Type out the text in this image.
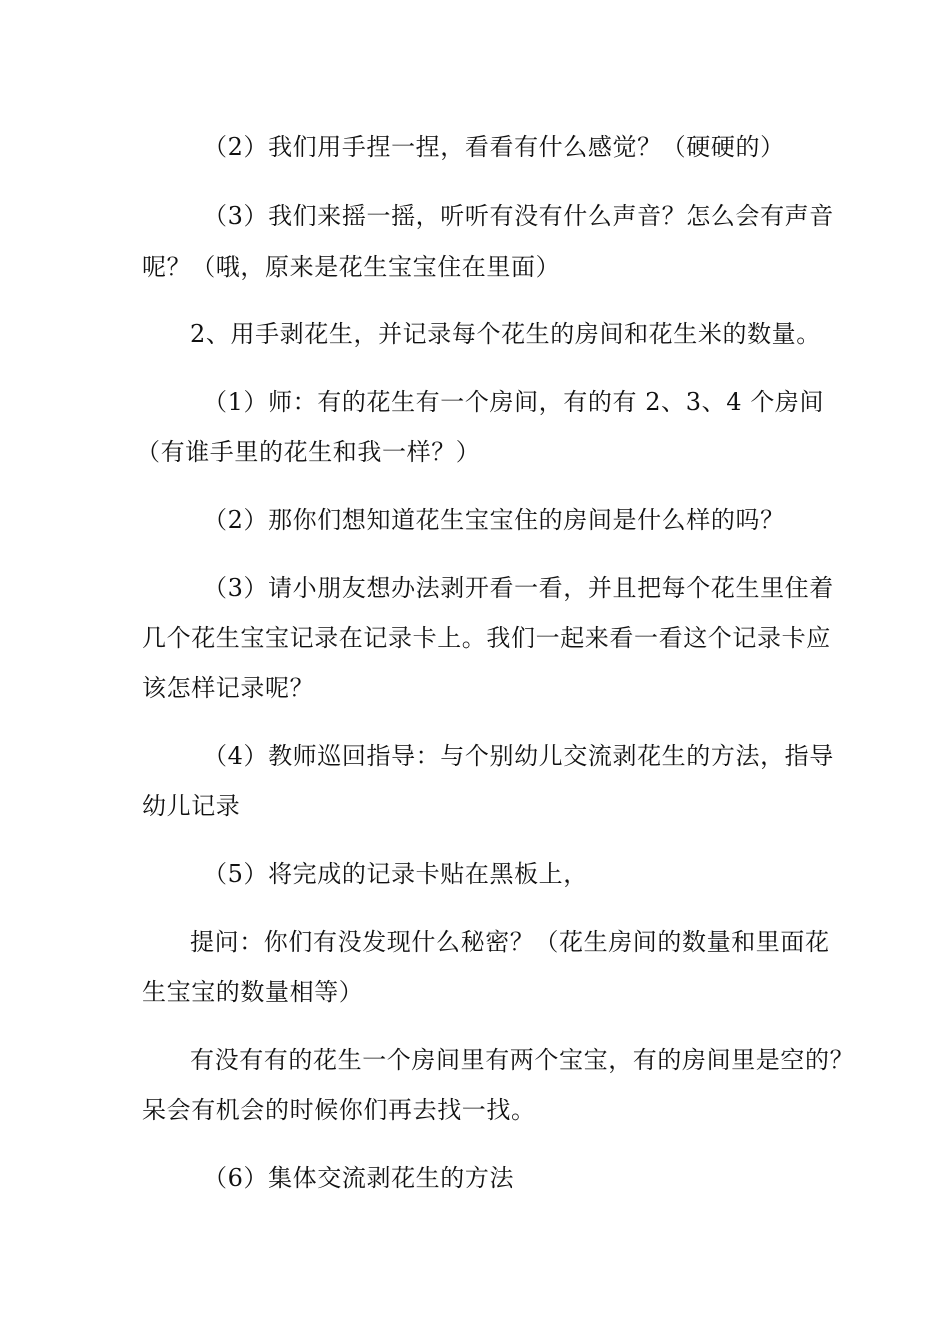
（2）我们用手捏一捏，看看有什么感觉？（硬硬的）

（3）我们来摇一摇，听听有没有什么声音？怎么会有声音

呢？（哦，原来是花生宝宝住在里面）

2、用手剥花生，并记录每个花生的房间和花生米的数量。

（1）师：有的花生有一个房间，有的有 2、3、4 个房间

（有谁手里的花生和我一样？）

（2）那你们想知道花生宝宝住的房间是什么样的吗？

（3）请小朋友想办法剥开看一看，并且把每个花生里住着

几个花生宝宝记录在记录卡上。我们一起来看一看这个记录卡应

该怎样记录呢？

（4）教师巡回指导：与个别幼儿交流剥花生的方法，指导

幼儿记录

（5）将完成的记录卡贴在黑板上，

提问：你们有没发现什么秘密？（花生房间的数量和里面花

生宝宝的数量相等）

有没有有的花生一个房间里有两个宝宝，有的房间里是空的？

呆会有机会的时候你们再去找一找。

（6）集体交流剥花生的方法
